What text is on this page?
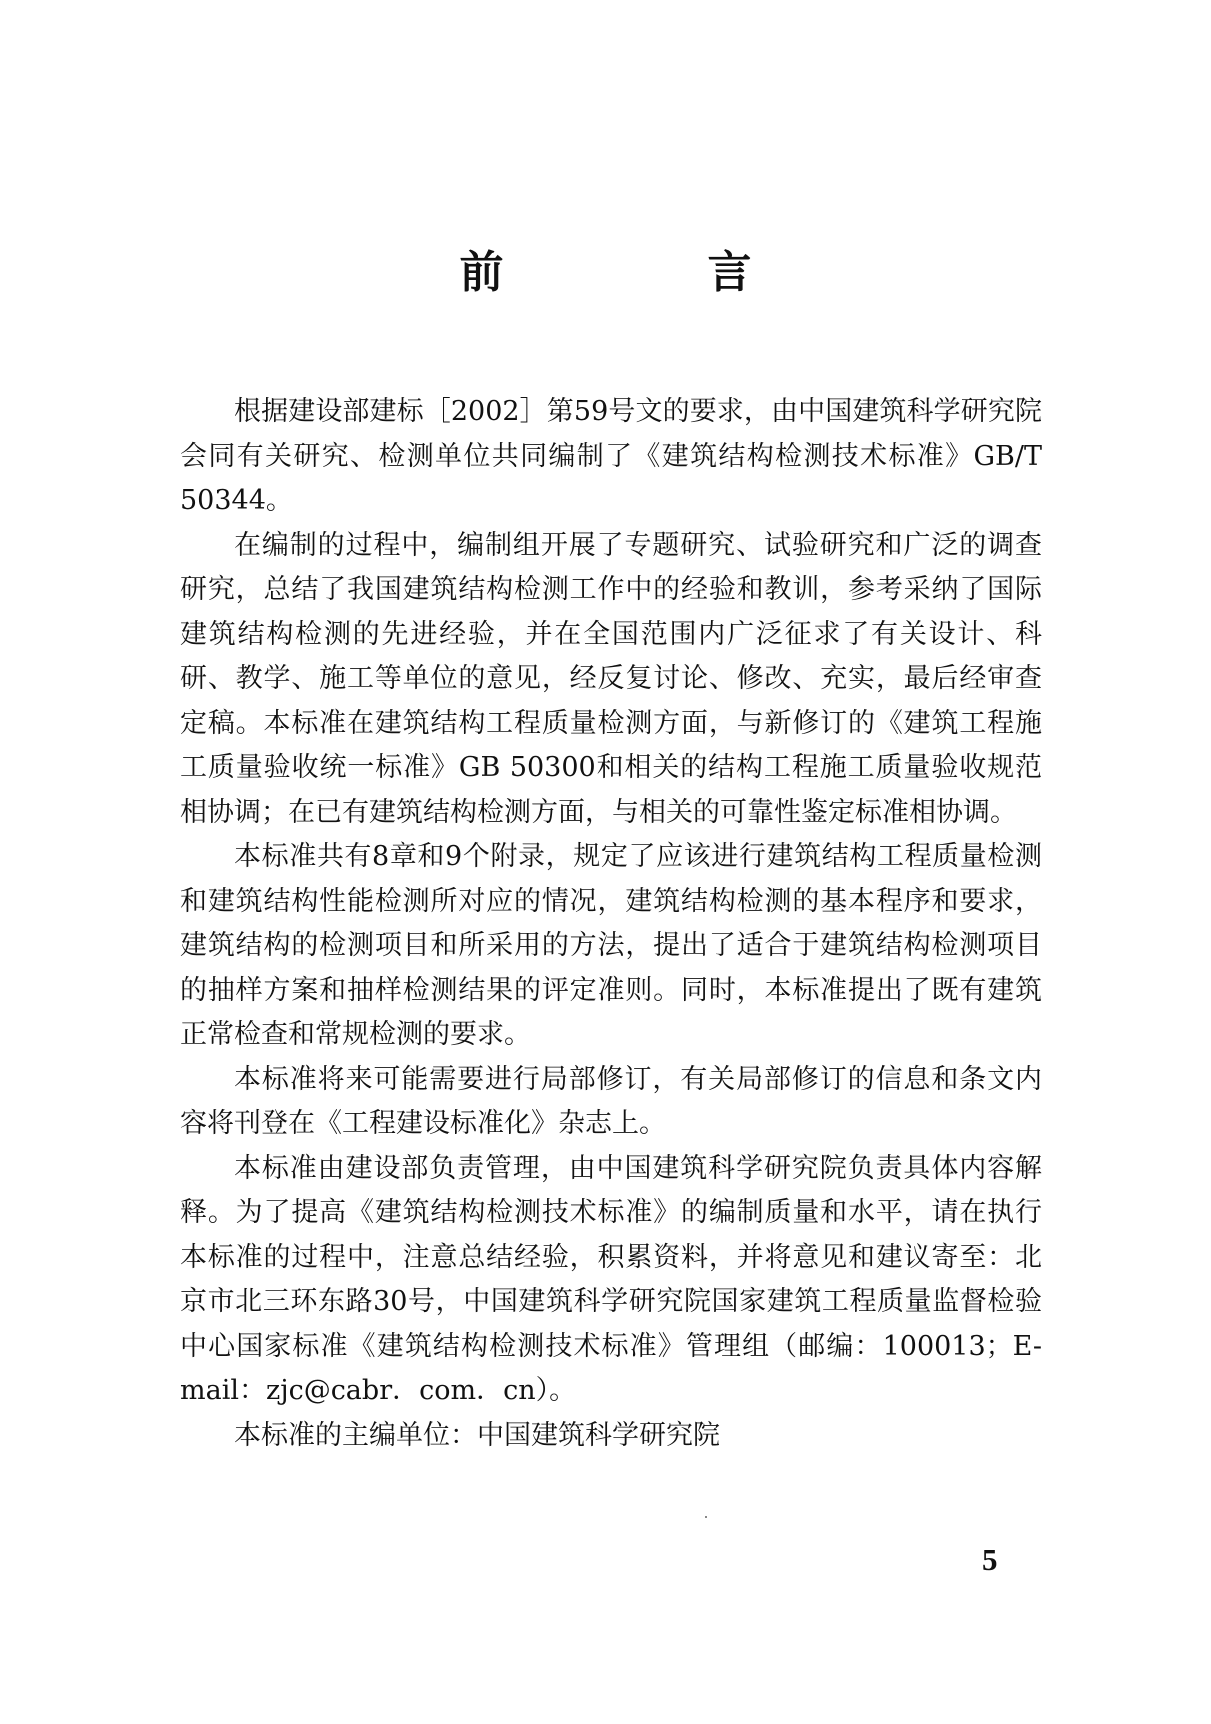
前　言

根据建设部建标［2002］第59号文的要求，由中国建筑科学研究院会同有关研究、检测单位共同编制了《建筑结构检测技术标准》GB/T 50344。

在编制的过程中，编制组开展了专题研究、试验研究和广泛的调查研究，总结了我国建筑结构检测工作中的经验和教训，参考采纳了国际建筑结构检测的先进经验，并在全国范围内广泛征求了有关设计、科研、教学、施工等单位的意见，经反复讨论、修改、充实，最后经审查定稿。本标准在建筑结构工程质量检测方面，与新修订的《建筑工程施工质量验收统一标准》GB 50300和相关的结构工程施工质量验收规范相协调；在已有建筑结构检测方面，与相关的可靠性鉴定标准相协调。

本标准共有8章和9个附录，规定了应该进行建筑结构工程质量检测和建筑结构性能检测所对应的情况，建筑结构检测的基本程序和要求，建筑结构的检测项目和所采用的方法，提出了适合于建筑结构检测项目的抽样方案和抽样检测结果的评定准则。同时，本标准提出了既有建筑正常检查和常规检测的要求。

本标准将来可能需要进行局部修订，有关局部修订的信息和条文内容将刊登在《工程建设标准化》杂志上。

本标准由建设部负责管理，由中国建筑科学研究院负责具体内容解释。为了提高《建筑结构检测技术标准》的编制质量和水平，请在执行本标准的过程中，注意总结经验，积累资料，并将意见和建议寄至：北京市北三环东路30号，中国建筑科学研究院国家建筑工程质量监督检验中心国家标准《建筑结构检测技术标准》管理组（邮编：100013；E-mail：zjc@cabr．com．cn）。

本标准的主编单位：中国建筑科学研究院

5
